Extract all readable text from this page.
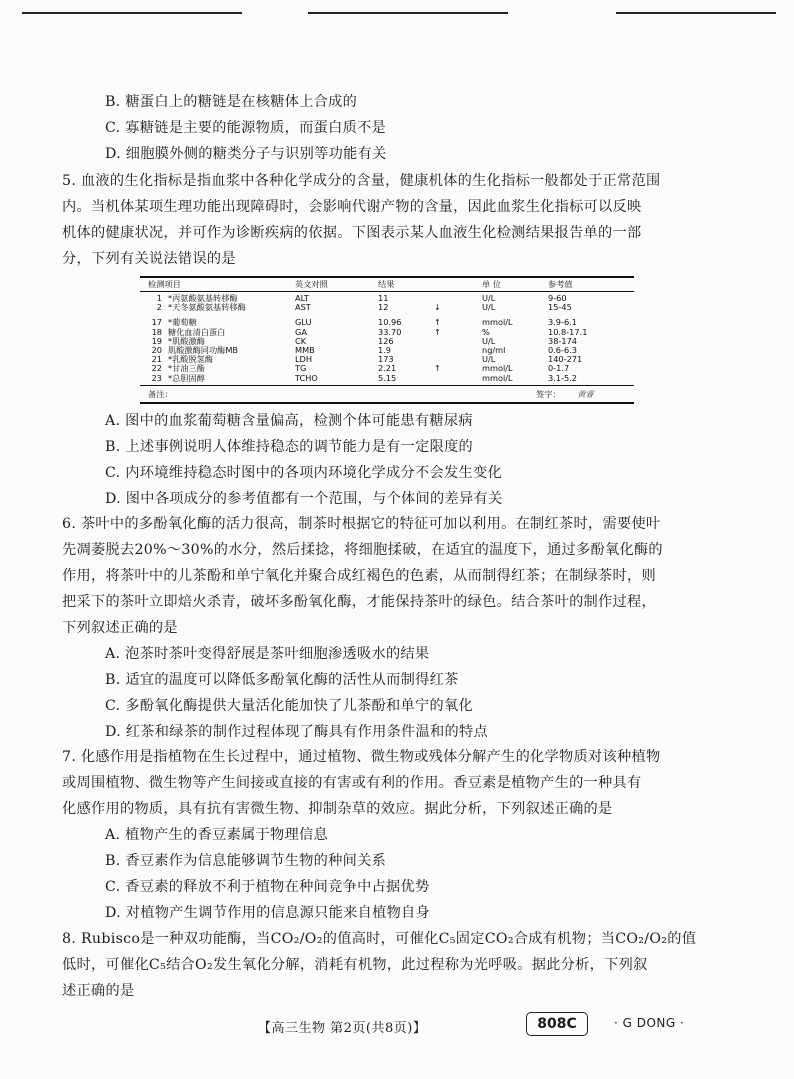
B. 糖蛋白上的糖链是在核糖体上合成的
C. 寡糖链是主要的能源物质，而蛋白质不是
D. 细胞膜外侧的糖类分子与识别等功能有关
5. 血液的生化指标是指血浆中各种化学成分的含量，健康机体的生化指标一般都处于正常范围
内。当机体某项生理功能出现障碍时，会影响代谢产物的含量，因此血浆生化指标可以反映
机体的健康状况，并可作为诊断疾病的依据。下图表示某人血液生化检测结果报告单的一部
分，下列有关说法错误的是
A. 图中的血浆葡萄糖含量偏高，检测个体可能患有糖尿病
B. 上述事例说明人体维持稳态的调节能力是有一定限度的
C. 内环境维持稳态时图中的各项内环境化学成分不会发生变化
D. 图中各项成分的参考值都有一个范围，与个体间的差异有关
6. 茶叶中的多酚氧化酶的活力很高，制茶时根据它的特征可加以利用。在制红茶时，需要使叶
先凋萎脱去20%～30%的水分，然后揉捻，将细胞揉破，在适宜的温度下，通过多酚氧化酶的
作用，将茶叶中的儿茶酚和单宁氧化并聚合成红褐色的色素，从而制得红茶；在制绿茶时，则
把采下的茶叶立即焙火杀青，破坏多酚氧化酶，才能保持茶叶的绿色。结合茶叶的制作过程，
下列叙述正确的是
A. 泡茶时茶叶变得舒展是茶叶细胞渗透吸水的结果
B. 适宜的温度可以降低多酚氧化酶的活性从而制得红茶
C. 多酚氧化酶提供大量活化能加快了儿茶酚和单宁的氧化
D. 红茶和绿茶的制作过程体现了酶具有作用条件温和的特点
7. 化感作用是指植物在生长过程中，通过植物、微生物或残体分解产生的化学物质对该种植物
或周围植物、微生物等产生间接或直接的有害或有利的作用。香豆素是植物产生的一种具有
化感作用的物质，具有抗有害微生物、抑制杂草的效应。据此分析，下列叙述正确的是
A. 植物产生的香豆素属于物理信息
B. 香豆素作为信息能够调节生物的种间关系
C. 香豆素的释放不利于植物在种间竞争中占据优势
D. 对植物产生调节作用的信息源只能来自植物自身
8. Rubisco是一种双功能酶，当CO₂/O₂的值高时，可催化C₅固定CO₂合成有机物；当CO₂/O₂的值
低时，可催化C₅结合O₂发生氧化分解，消耗有机物，此过程称为光呼吸。据此分析，下列叙
述正确的是
检测项目	英文对照	结果	单 位	参考值
1 *丙氨酸氨基转移酶	ALT	11	U/L	9-60
2 *天冬氨酸氨基转移酶	AST	12	↓	U/L	15-45
17 *葡萄糖	GLU	10.96	↑	mmol/L	3.9-6.1
18 糖化血清白蛋白	GA	33.70	↑	%	10.8-17.1
19 *肌酸激酶	CK	126	U/L	38-174
20 肌酸激酶同功酶MB	MMB	1.9	ng/ml	0.6-6.3
21 *乳酸脱氢酶	LDH	173	U/L	140-271
22 *甘油三酯	TG	2.21	↑	mmol/L	0-1.7
23 *总胆固醇	TCHO	5.15	mmol/L	3.1-5.2
备注：	签字： 黄睿
【高三生物 第2页(共8页)】	808C	· G DONG ·
